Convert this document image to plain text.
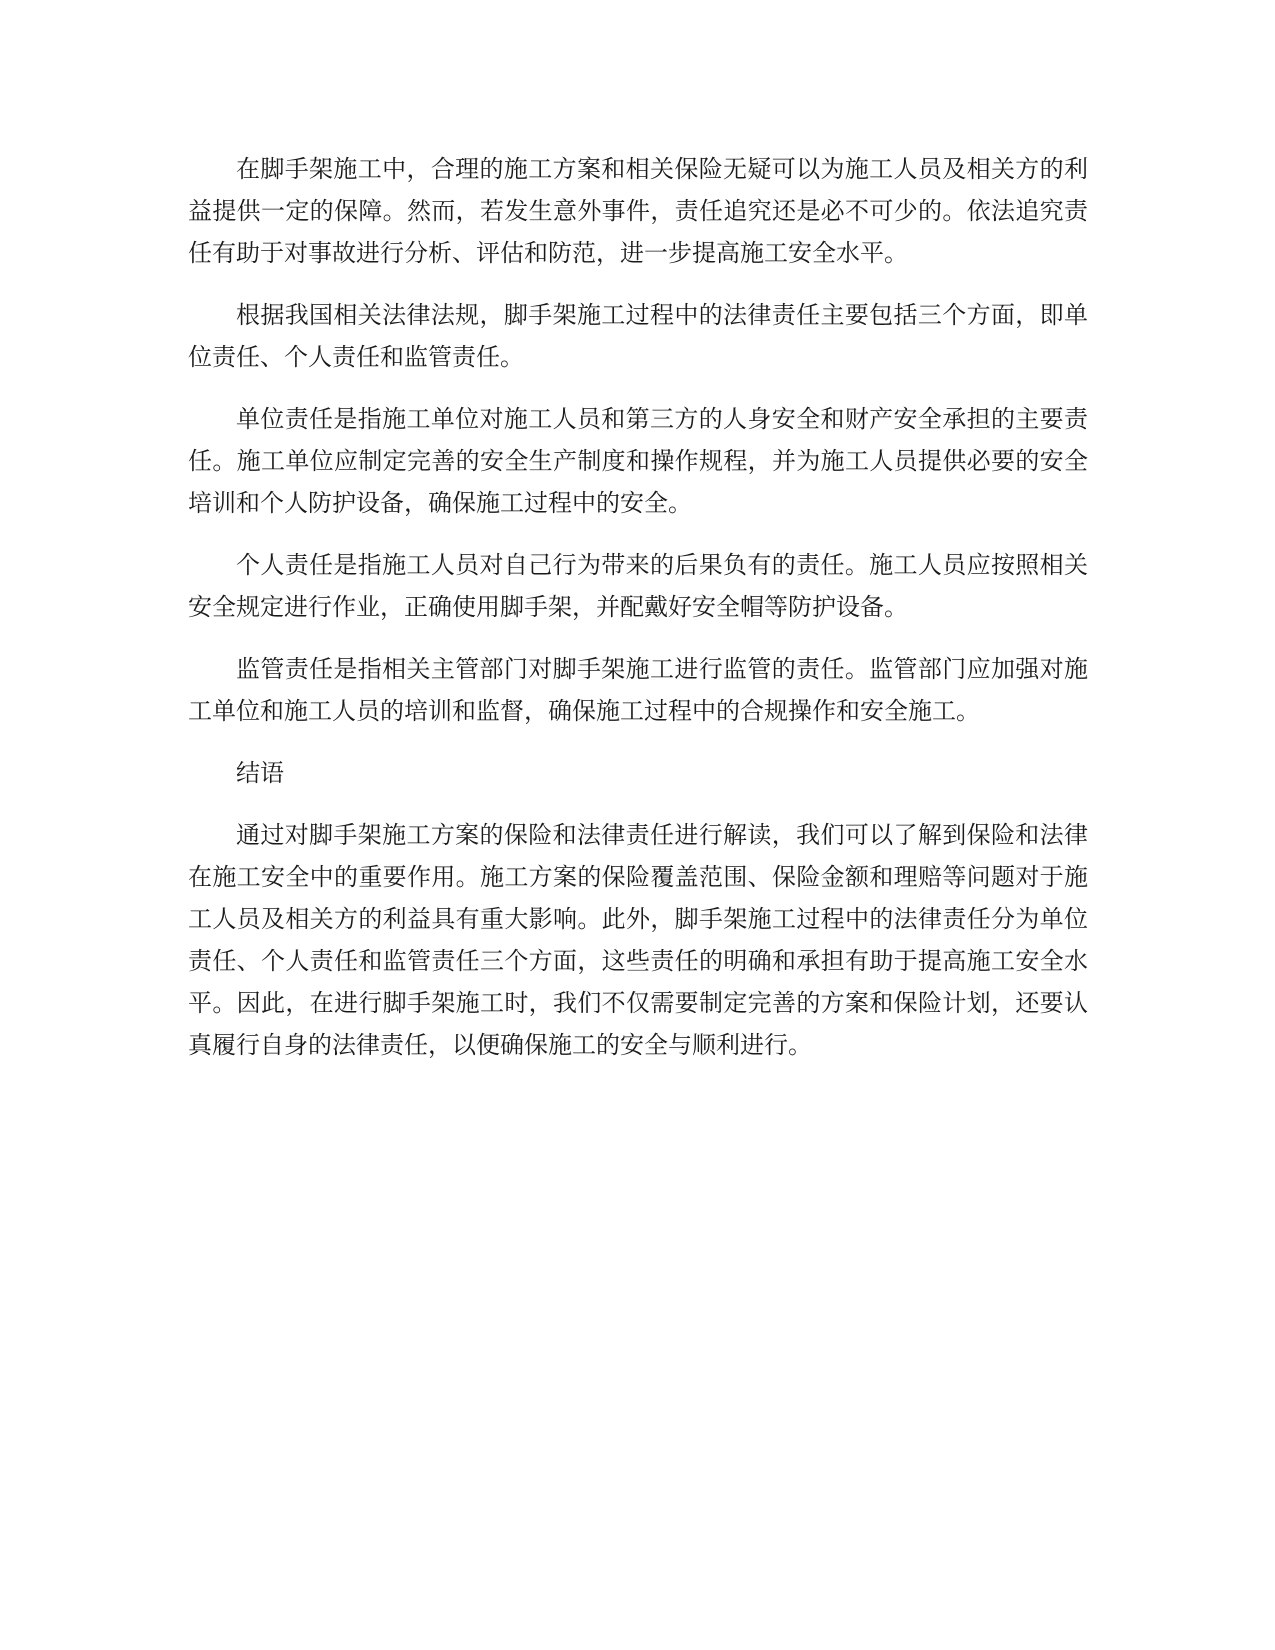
在脚手架施工中，合理的施工方案和相关保险无疑可以为施工人员及相关方的利益提供一定的保障。然而，若发生意外事件，责任追究还是必不可少的。依法追究责任有助于对事故进行分析、评估和防范，进一步提高施工安全水平。

根据我国相关法律法规，脚手架施工过程中的法律责任主要包括三个方面，即单位责任、个人责任和监管责任。

单位责任是指施工单位对施工人员和第三方的人身安全和财产安全承担的主要责任。施工单位应制定完善的安全生产制度和操作规程，并为施工人员提供必要的安全培训和个人防护设备，确保施工过程中的安全。

个人责任是指施工人员对自己行为带来的后果负有的责任。施工人员应按照相关安全规定进行作业，正确使用脚手架，并配戴好安全帽等防护设备。

监管责任是指相关主管部门对脚手架施工进行监管的责任。监管部门应加强对施工单位和施工人员的培训和监督，确保施工过程中的合规操作和安全施工。

结语

通过对脚手架施工方案的保险和法律责任进行解读，我们可以了解到保险和法律在施工安全中的重要作用。施工方案的保险覆盖范围、保险金额和理赔等问题对于施工人员及相关方的利益具有重大影响。此外，脚手架施工过程中的法律责任分为单位责任、个人责任和监管责任三个方面，这些责任的明确和承担有助于提高施工安全水平。因此，在进行脚手架施工时，我们不仅需要制定完善的方案和保险计划，还要认真履行自身的法律责任，以便确保施工的安全与顺利进行。
